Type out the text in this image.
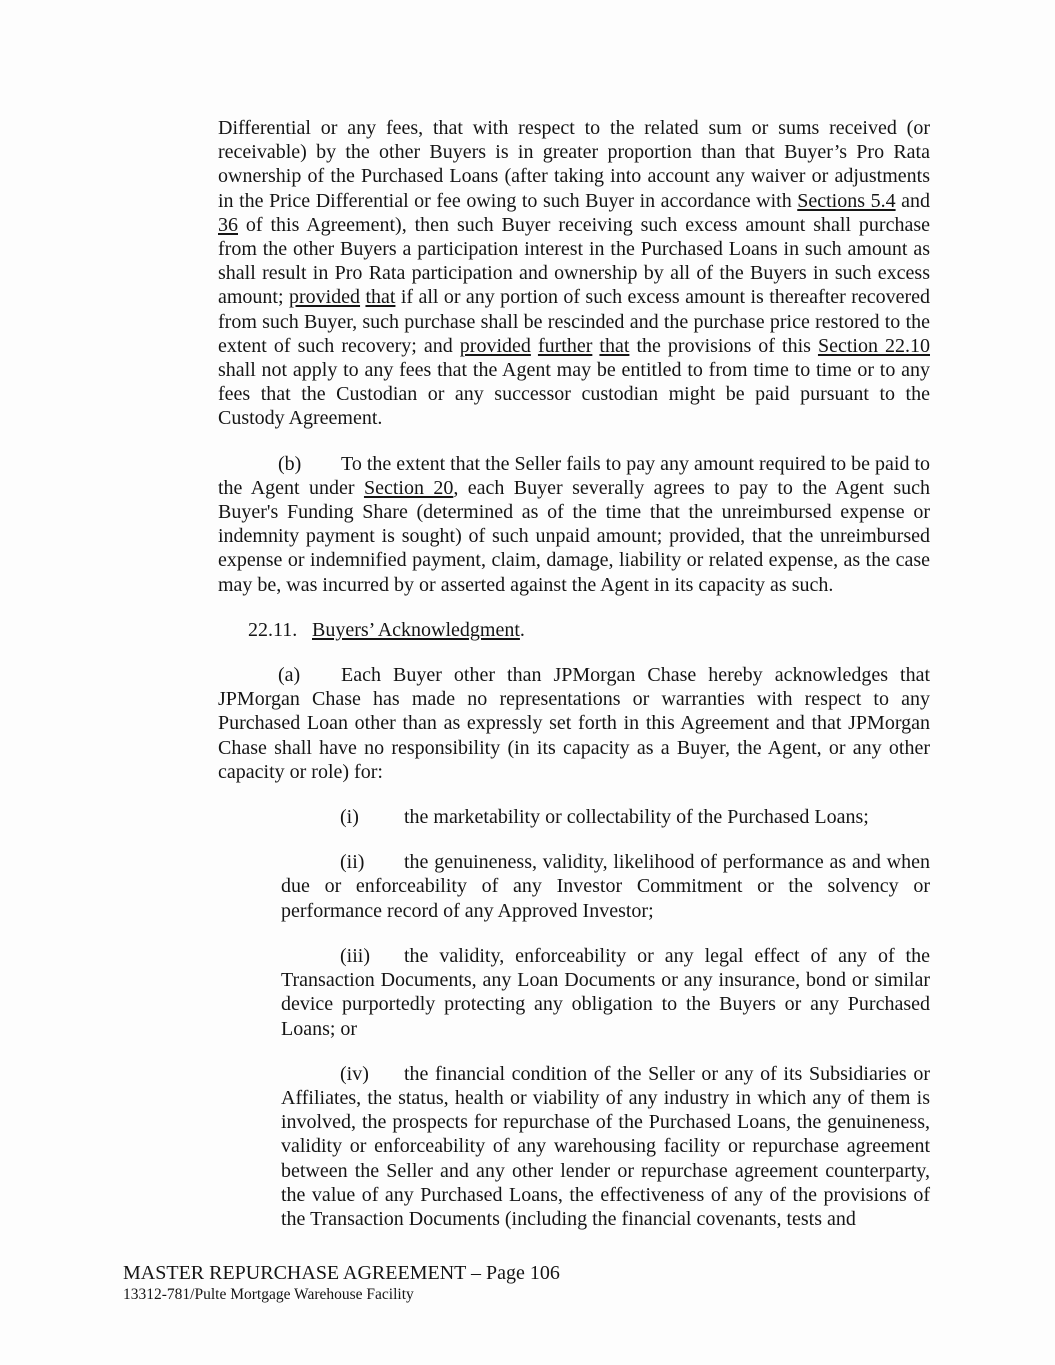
Differential or any fees, that with respect to the related sum or sums received (or receivable) by the other Buyers is in greater proportion than that Buyer’s Pro Rata ownership of the Purchased Loans (after taking into account any waiver or adjustments in the Price Differential or fee owing to such Buyer in accordance with Sections 5.4 and 36 of this Agreement), then such Buyer receiving such excess amount shall purchase from the other Buyers a participation interest in the Purchased Loans in such amount as shall result in Pro Rata participation and ownership by all of the Buyers in such excess amount; provided that if all or any portion of such excess amount is thereafter recovered from such Buyer, such purchase shall be rescinded and the purchase price restored to the extent of such recovery; and provided further that the provisions of this Section 22.10 shall not apply to any fees that the Agent may be entitled to from time to time or to any fees that the Custodian or any successor custodian might be paid pursuant to the Custody Agreement.

(b) To the extent that the Seller fails to pay any amount required to be paid to the Agent under Section 20, each Buyer severally agrees to pay to the Agent such Buyer's Funding Share (determined as of the time that the unreimbursed expense or indemnity payment is sought) of such unpaid amount; provided, that the unreimbursed expense or indemnified payment, claim, damage, liability or related expense, as the case may be, was incurred by or asserted against the Agent in its capacity as such.

22.11. Buyers’ Acknowledgment.

(a) Each Buyer other than JPMorgan Chase hereby acknowledges that JPMorgan Chase has made no representations or warranties with respect to any Purchased Loan other than as expressly set forth in this Agreement and that JPMorgan Chase shall have no responsibility (in its capacity as a Buyer, the Agent, or any other capacity or role) for:

(i) the marketability or collectability of the Purchased Loans;

(ii) the genuineness, validity, likelihood of performance as and when due or enforceability of any Investor Commitment or the solvency or performance record of any Approved Investor;

(iii) the validity, enforceability or any legal effect of any of the Transaction Documents, any Loan Documents or any insurance, bond or similar device purportedly protecting any obligation to the Buyers or any Purchased Loans; or

(iv) the financial condition of the Seller or any of its Subsidiaries or Affiliates, the status, health or viability of any industry in which any of them is involved, the prospects for repurchase of the Purchased Loans, the genuineness, validity or enforceability of any warehousing facility or repurchase agreement between the Seller and any other lender or repurchase agreement counterparty, the value of any Purchased Loans, the effectiveness of any of the provisions of the Transaction Documents (including the financial covenants, tests and

MASTER REPURCHASE AGREEMENT – Page 106
13312-781/Pulte Mortgage Warehouse Facility
